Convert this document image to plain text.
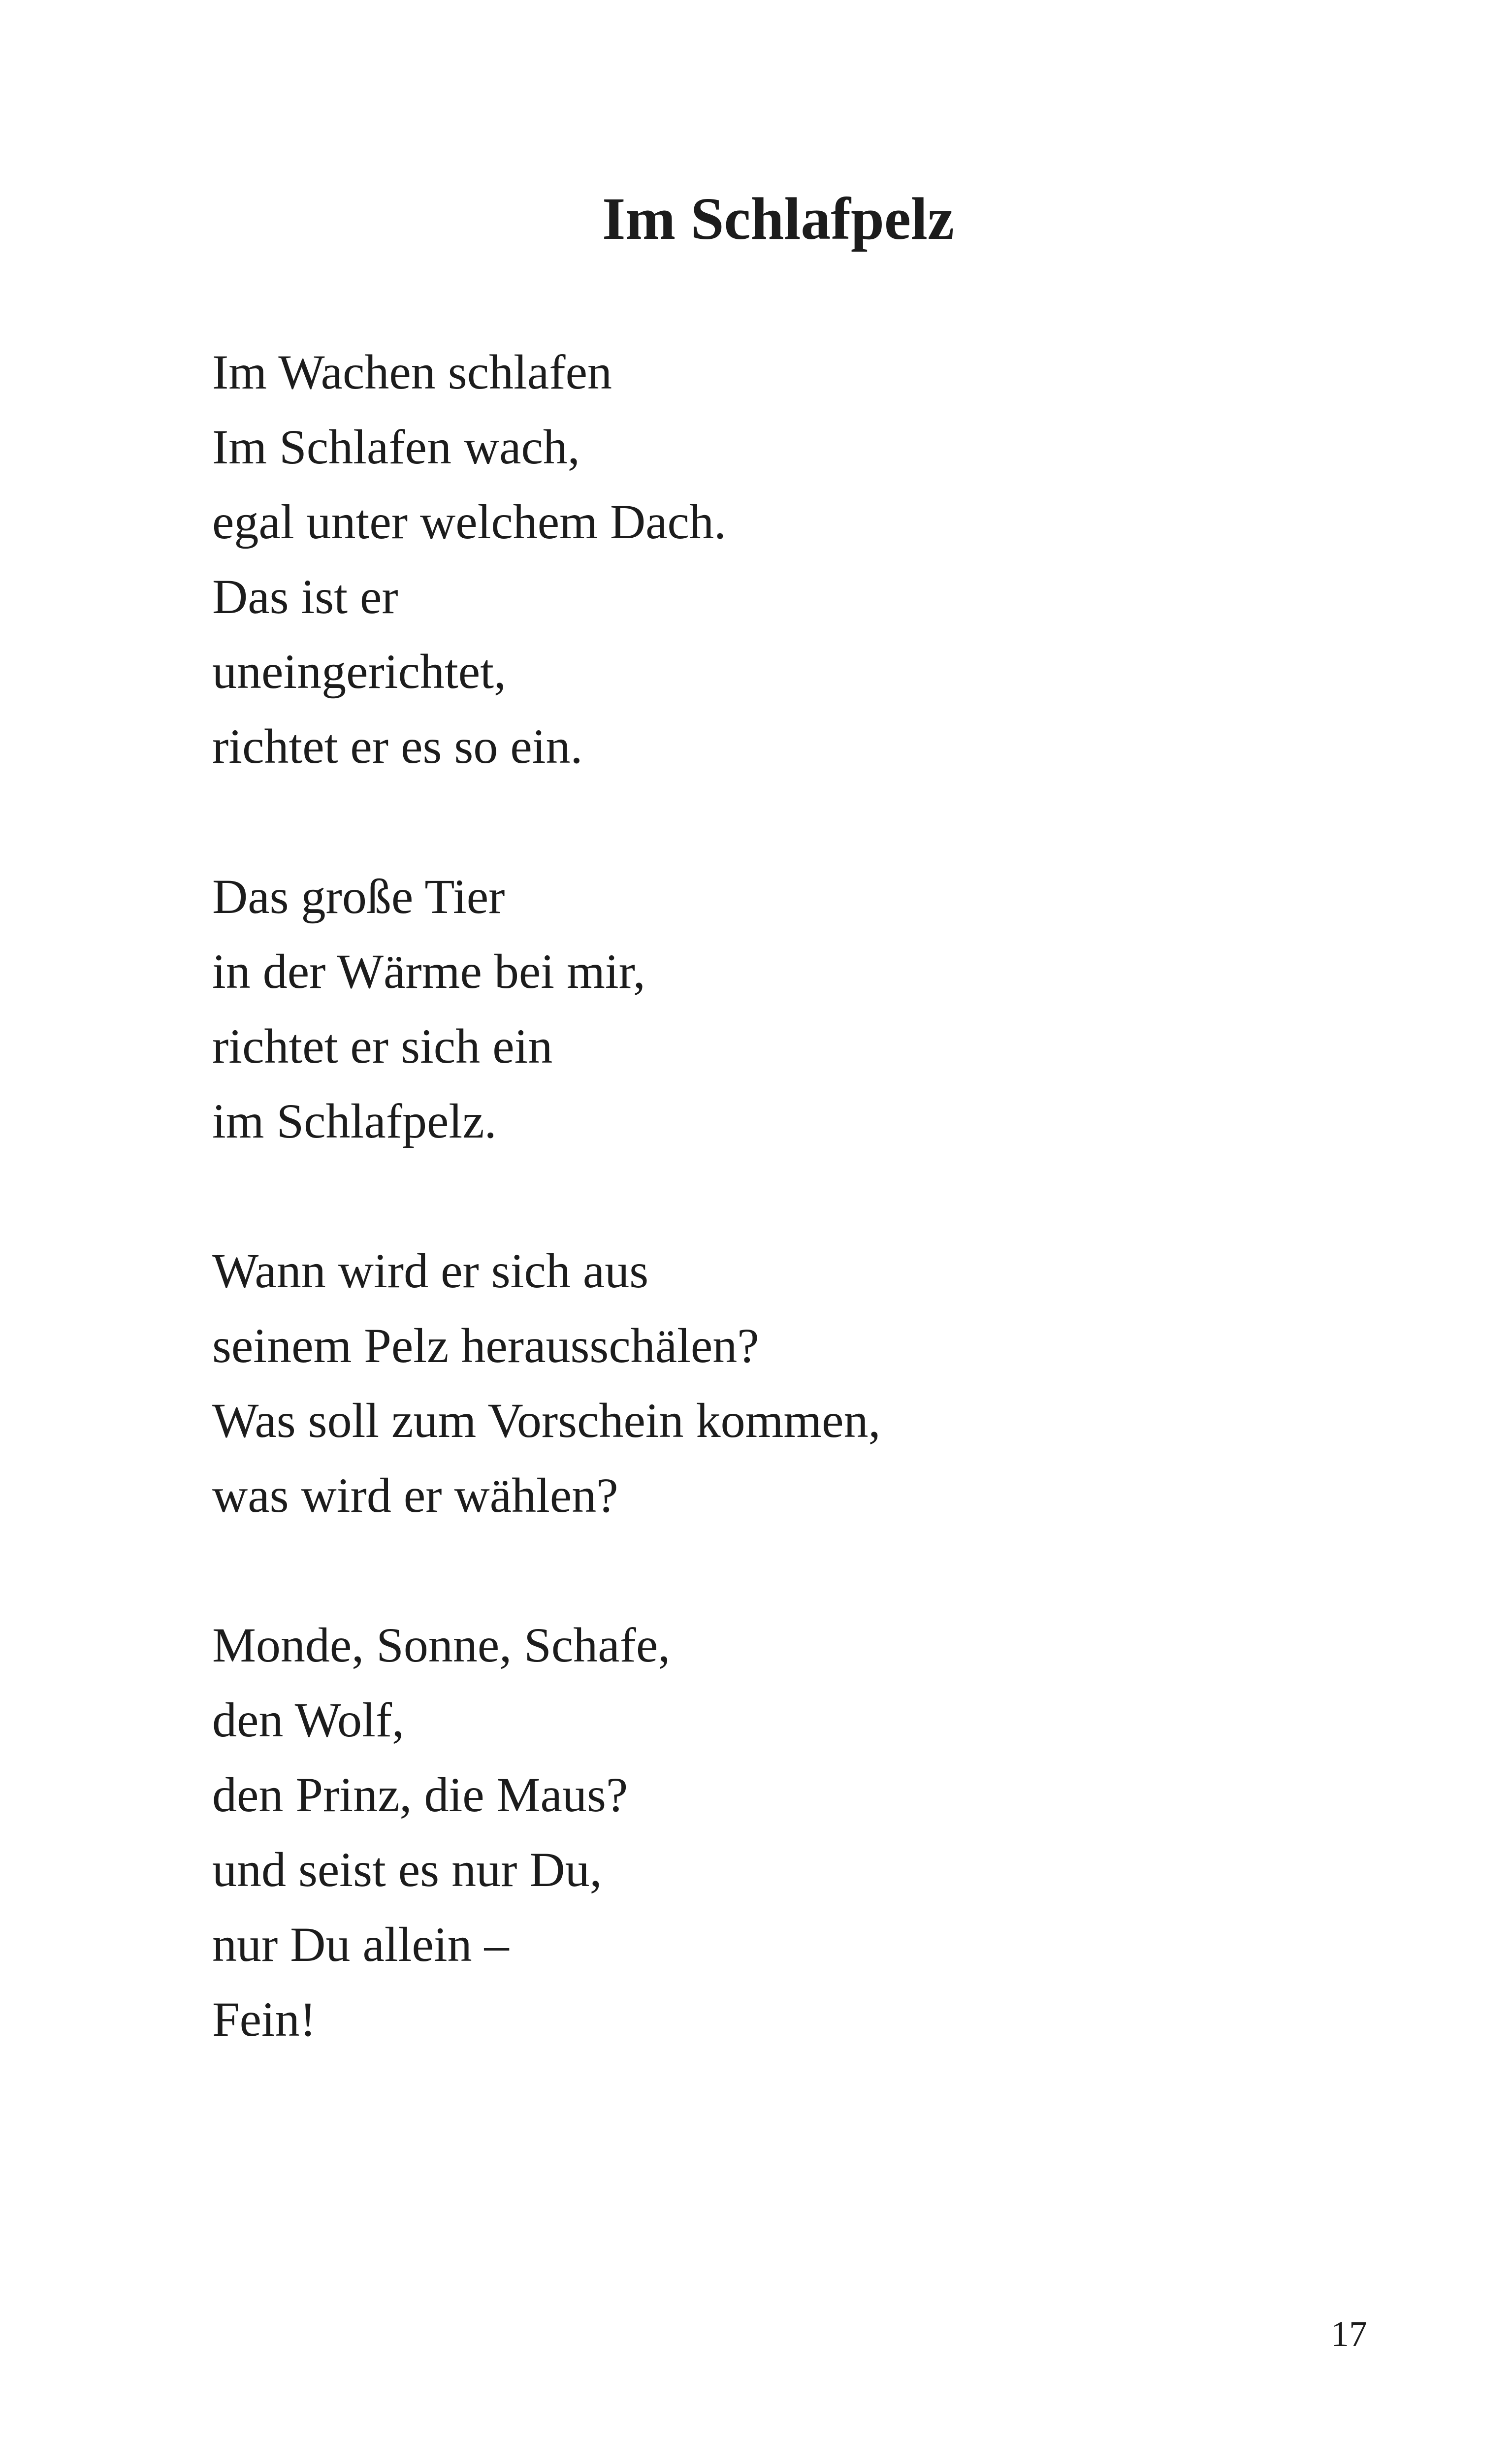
Im Schlafpelz
Im Wachen schlafen
Im Schlafen wach,
egal unter welchem Dach.
Das ist er
uneingerichtet,
richtet er es so ein.
Das große Tier
in der Wärme bei mir,
richtet er sich ein
im Schlafpelz.
Wann wird er sich aus
seinem Pelz herausschälen?
Was soll zum Vorschein kommen,
was wird er wählen?
Monde, Sonne, Schafe,
den Wolf,
den Prinz, die Maus?
und seist es nur Du,
nur Du allein –
Fein!
17
